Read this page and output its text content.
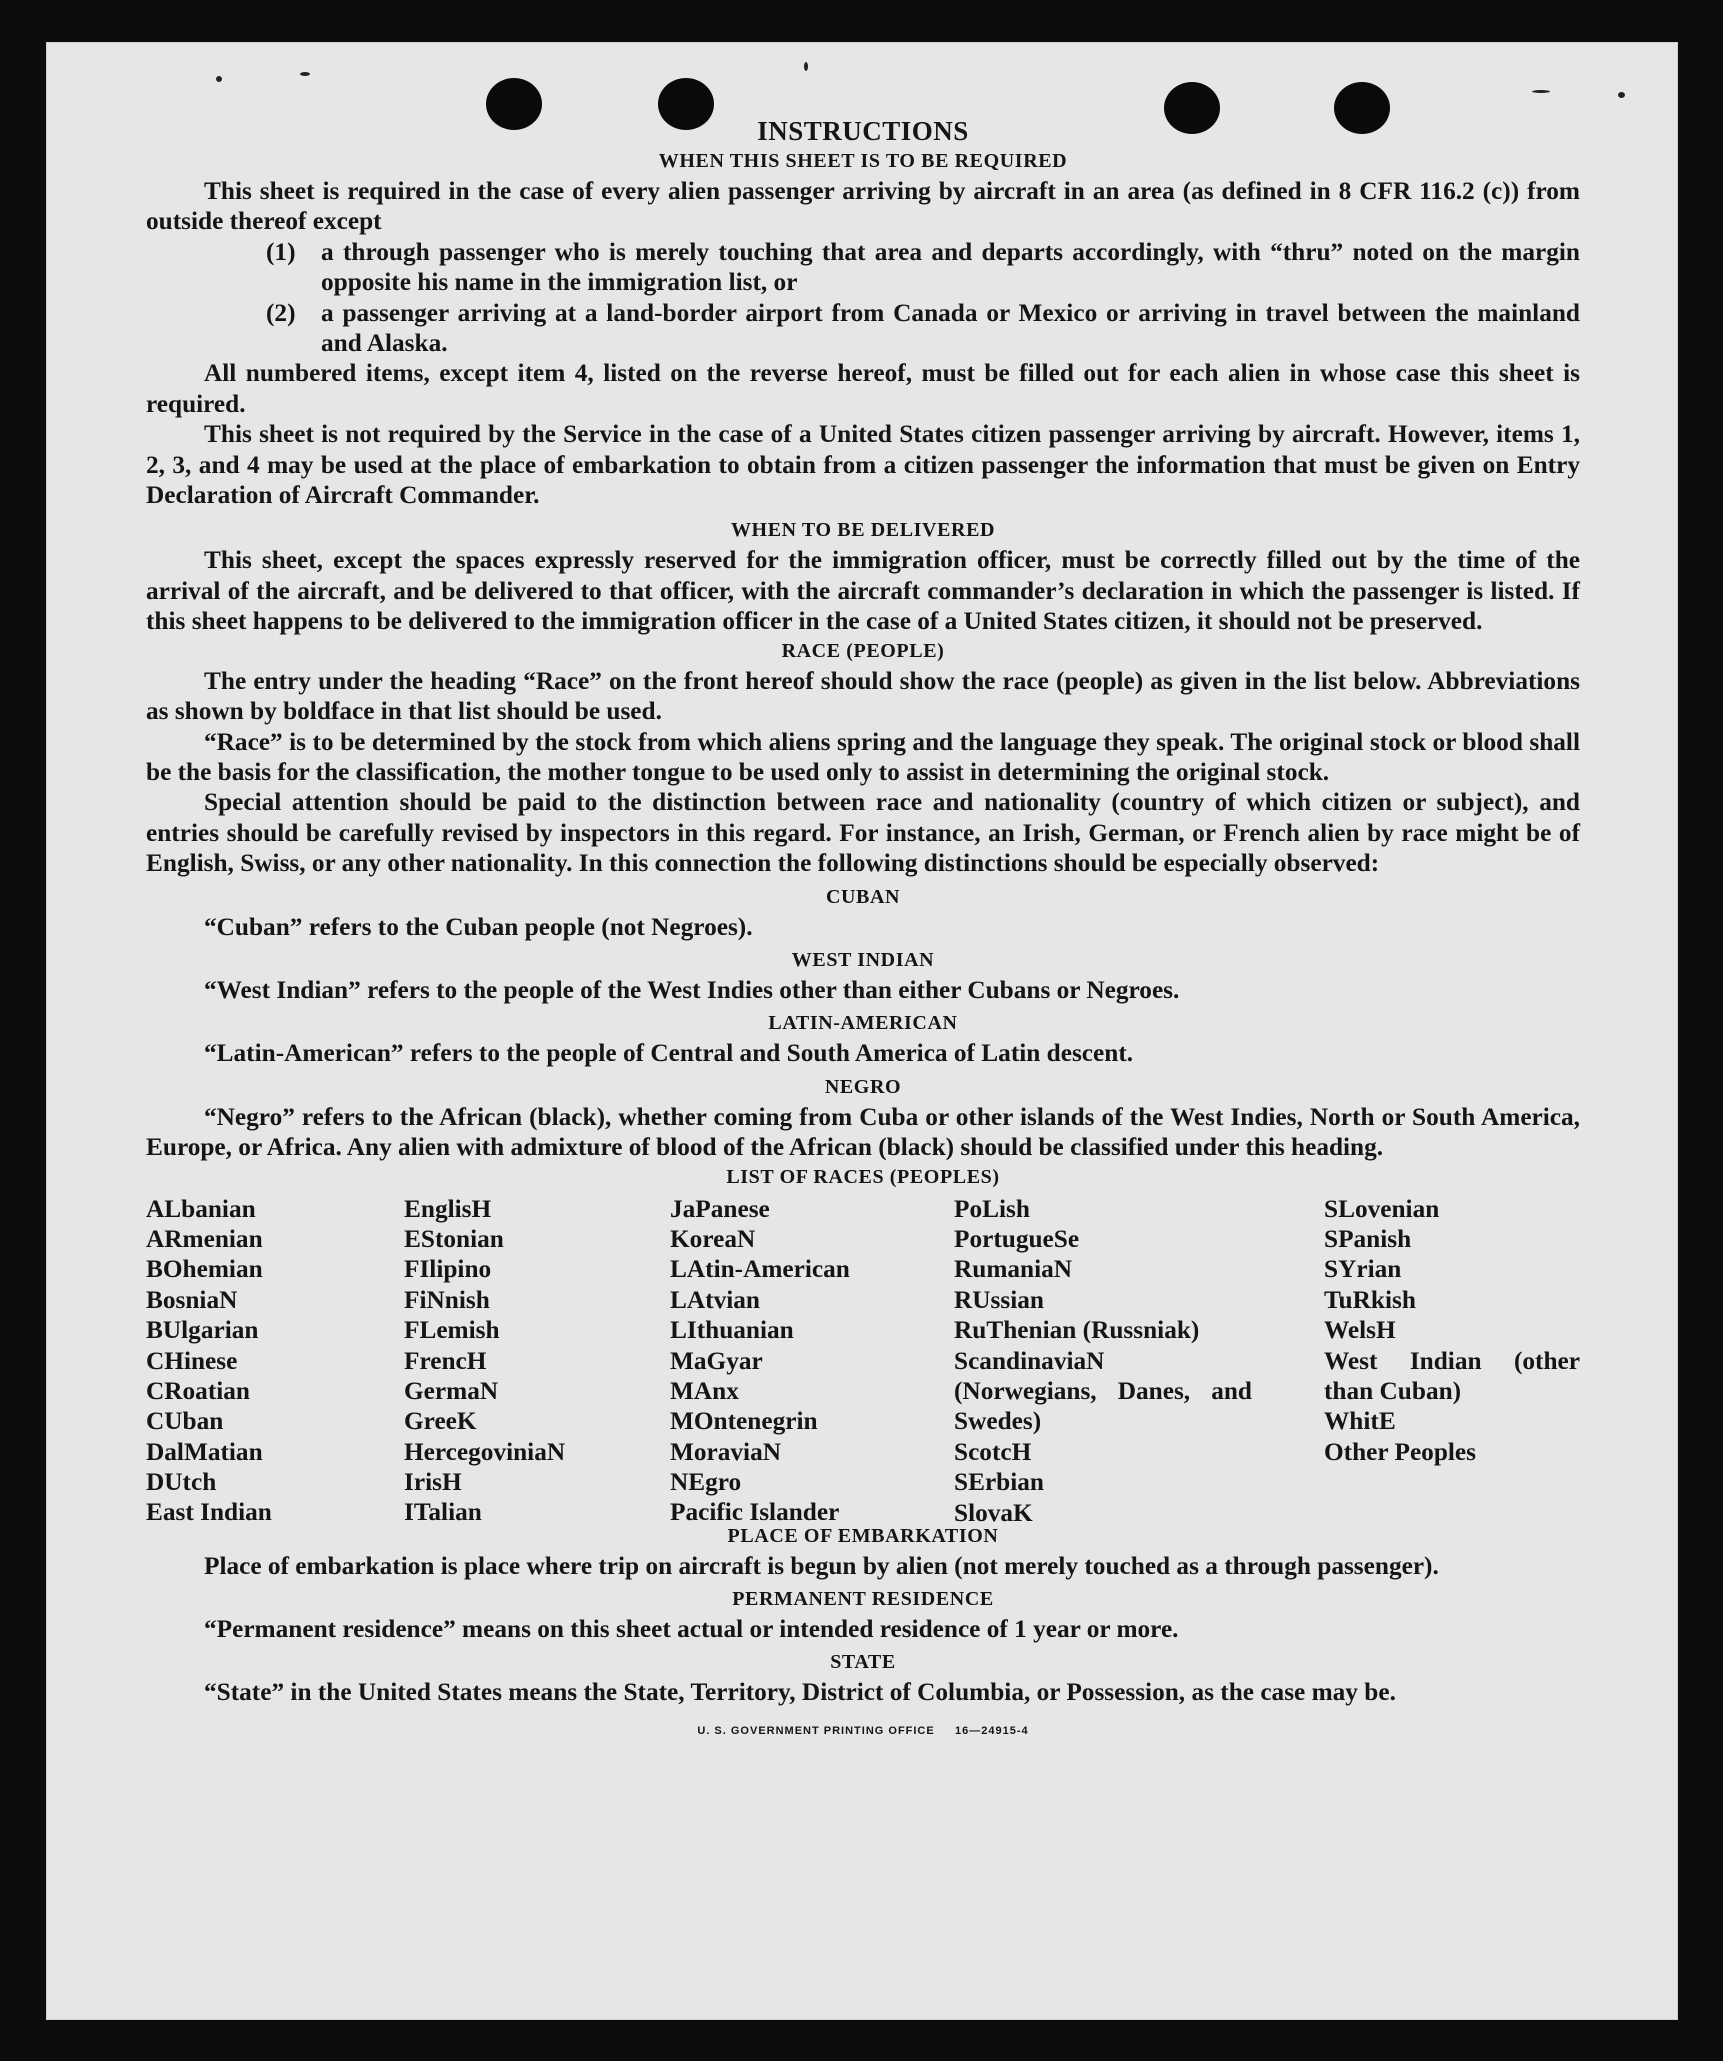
INSTRUCTIONS
WHEN THIS SHEET IS TO BE REQUIRED

This sheet is required in the case of every alien passenger arriving by aircraft in an area (as defined in 8 CFR 116.2 (c)) from outside thereof except

(1)	a through passenger who is merely touching that area and departs accordingly, with “thru” noted on the margin opposite his name in the immigration list, or
(2)	a passenger arriving at a land-border airport from Canada or Mexico or arriving in travel between the mainland and Alaska.

All numbered items, except item 4, listed on the reverse hereof, must be filled out for each alien in whose case this sheet is required.

This sheet is not required by the Service in the case of a United States citizen passenger arriving by aircraft. However, items 1, 2, 3, and 4 may be used at the place of embarkation to obtain from a citizen passenger the information that must be given on Entry Declaration of Aircraft Commander.

WHEN TO BE DELIVERED

This sheet, except the spaces expressly reserved for the immigration officer, must be correctly filled out by the time of the arrival of the aircraft, and be delivered to that officer, with the aircraft commander’s declaration in which the passenger is listed. If this sheet happens to be delivered to the immigration officer in the case of a United States citizen, it should not be preserved.

RACE (PEOPLE)

The entry under the heading “Race” on the front hereof should show the race (people) as given in the list below. Abbreviations as shown by boldface in that list should be used.

“Race” is to be determined by the stock from which aliens spring and the language they speak. The original stock or blood shall be the basis for the classification, the mother tongue to be used only to assist in determining the original stock.

Special attention should be paid to the distinction between race and nationality (country of which citizen or subject), and entries should be carefully revised by inspectors in this regard. For instance, an Irish, German, or French alien by race might be of English, Swiss, or any other nationality. In this connection the following distinctions should be especially observed:

CUBAN

“Cuban” refers to the Cuban people (not Negroes).

WEST INDIAN

“West Indian” refers to the people of the West Indies other than either Cubans or Negroes.

LATIN-AMERICAN

“Latin-American” refers to the people of Central and South America of Latin descent.

NEGRO

“Negro” refers to the African (black), whether coming from Cuba or other islands of the West Indies, North or South America, Europe, or Africa. Any alien with admixture of blood of the African (black) should be classified under this heading.

LIST OF RACES (PEOPLES)
ALbanian
ARmenian
BOhemian
BosniaN
BUlgarian
CHinese
CRoatian
CUban
DalMatian
DUtch
East Indian
EnglisH
EStonian
FIlipino
FiNnish
FLemish
FrencH
GermaN
GreeK
HercegoviniaN
IrisH
ITalian
JaPanese
KoreaN
LAtin-American
LAtvian
LIthuanian
MaGyar
MAnx
MOntenegrin
MoraviaN
NEgro
Pacific Islander
PoLish
PortugueSe
RumaniaN
RUssian
RuThenian (Russniak)
ScandinaviaN (Norwegians, Danes, and Swedes)
ScotcH
SErbian
SlovaK
SLovenian
SPanish
SYrian
TuRkish
WelsH
West Indian (other than Cuban)
WhitE
Other Peoples
PLACE OF EMBARKATION

Place of embarkation is place where trip on aircraft is begun by alien (not merely touched as a through passenger).

PERMANENT RESIDENCE

“Permanent residence” means on this sheet actual or intended residence of 1 year or more.

STATE

“State” in the United States means the State, Territory, District of Columbia, or Possession, as the case may be.

U. S. GOVERNMENT PRINTING OFFICE     16—24915-4
